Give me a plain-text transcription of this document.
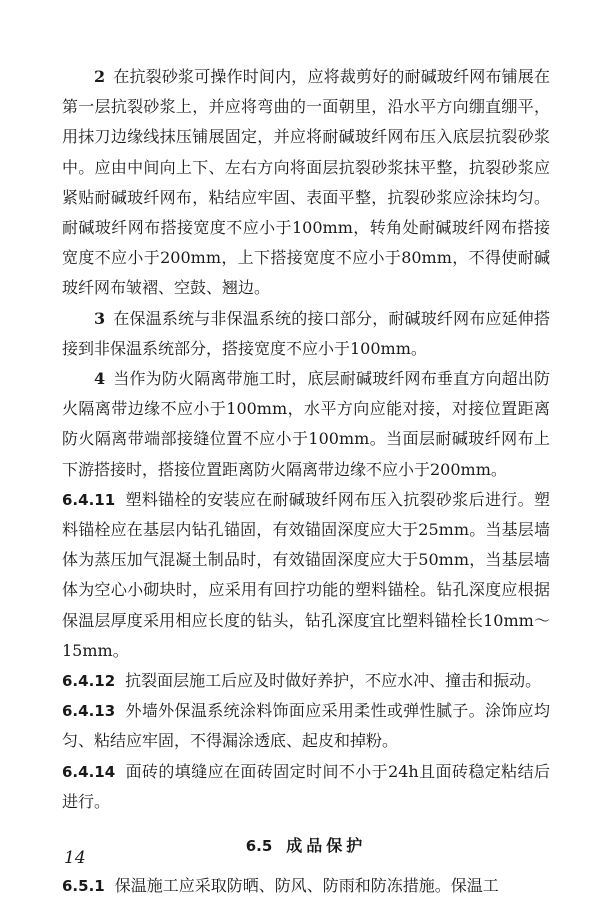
2 在抗裂砂浆可操作时间内，应将裁剪好的耐碱玻纤网布铺展在第一层抗裂砂浆上，并应将弯曲的一面朝里，沿水平方向绷直绷平，用抹刀边缘线抹压铺展固定，并应将耐碱玻纤网布压入底层抗裂砂浆中。应由中间向上下、左右方向将面层抗裂砂浆抹平整，抗裂砂浆应紧贴耐碱玻纤网布，粘结应牢固、表面平整，抗裂砂浆应涂抹均匀。耐碱玻纤网布搭接宽度不应小于100mm，转角处耐碱玻纤网布搭接宽度不应小于200mm，上下搭接宽度不应小于80mm，不得使耐碱玻纤网布皱褶、空鼓、翘边。

3 在保温系统与非保温系统的接口部分，耐碱玻纤网布应延伸搭接到非保温系统部分，搭接宽度不应小于100mm。

4 当作为防火隔离带施工时，底层耐碱玻纤网布垂直方向超出防火隔离带边缘不应小于100mm，水平方向应能对接，对接位置距离防火隔离带端部接缝位置不应小于100mm。当面层耐碱玻纤网布上下游搭接时，搭接位置距离防火隔离带边缘不应小于200mm。

6.4.11 塑料锚栓的安装应在耐碱玻纤网布压入抗裂砂浆后进行。塑料锚栓应在基层内钻孔锚固，有效锚固深度应大于25mm。当基层墙体为蒸压加气混凝土制品时，有效锚固深度应大于50mm，当基层墙体为空心小砌块时，应采用有回拧功能的塑料锚栓。钻孔深度应根据保温层厚度采用相应长度的钻头，钻孔深度宜比塑料锚栓长10mm～15mm。

6.4.12 抗裂面层施工后应及时做好养护，不应水冲、撞击和振动。

6.4.13 外墙外保温系统涂料饰面应采用柔性或弹性腻子。涂饰应均匀、粘结应牢固，不得漏涂透底、起皮和掉粉。

6.4.14 面砖的填缝应在面砖固定时间不小于24h且面砖稳定粘结后进行。

6.5 成品保护

6.5.1 保温施工应采取防晒、防风、防雨和防冻措施。保温工

14
